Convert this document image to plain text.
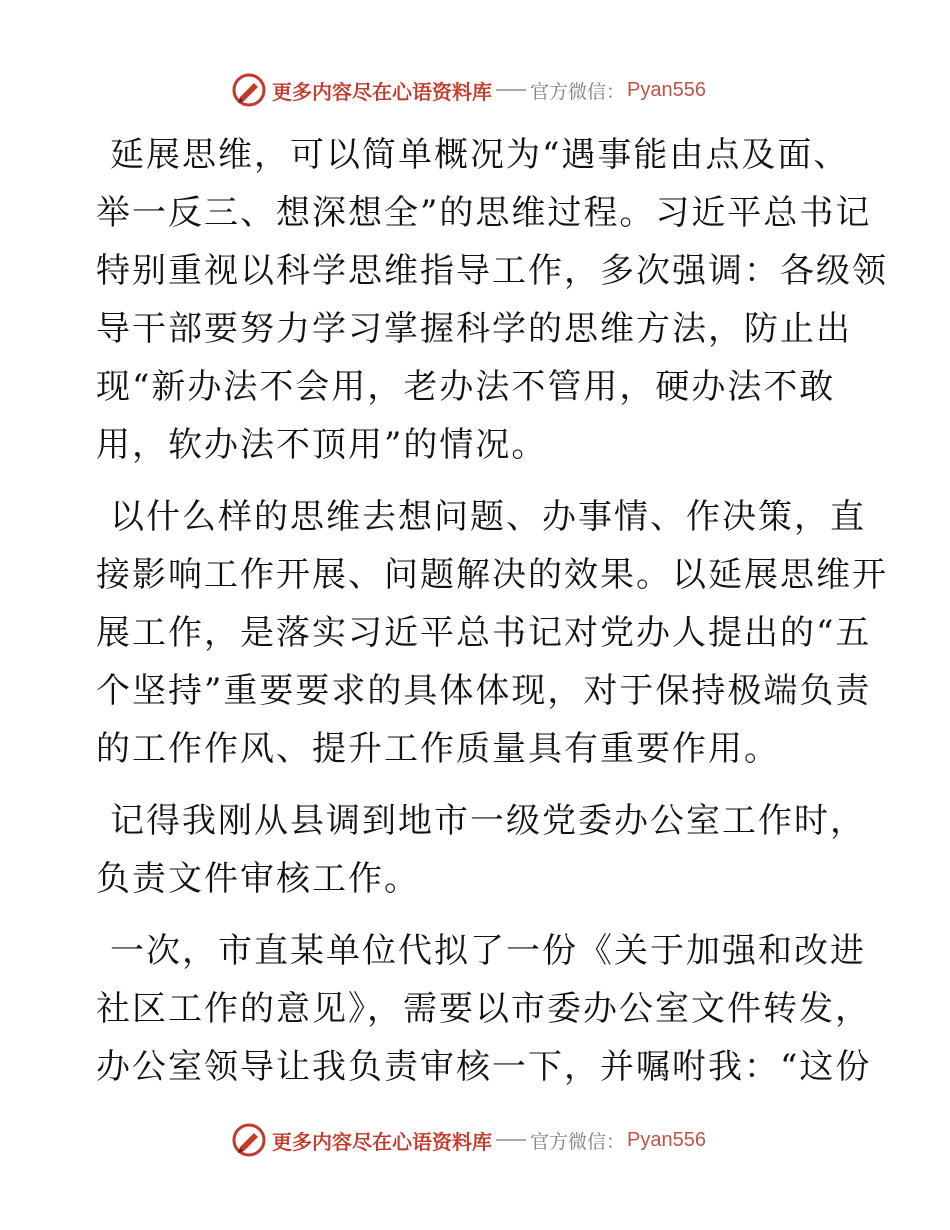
更多内容尽在心语资料库 官方微信： Pyan556
延展思维，可以简单概况为“遇事能由点及面、
举一反三、想深想全”的思维过程。习近平总书记
特别重视以科学思维指导工作，多次强调：各级领
导干部要努力学习掌握科学的思维方法，防止出
现“新办法不会用，老办法不管用，硬办法不敢
用，软办法不顶用”的情况。
以什么样的思维去想问题、办事情、作决策，直
接影响工作开展、问题解决的效果。以延展思维开
展工作，是落实习近平总书记对党办人提出的“五
个坚持”重要要求的具体体现，对于保持极端负责
的工作作风、提升工作质量具有重要作用。
记得我刚从县调到地市一级党委办公室工作时，
负责文件审核工作。
一次，市直某单位代拟了一份《关于加强和改进
社区工作的意见》，需要以市委办公室文件转发，
办公室领导让我负责审核一下，并嘱咐我：“这份
更多内容尽在心语资料库 官方微信： Pyan556
